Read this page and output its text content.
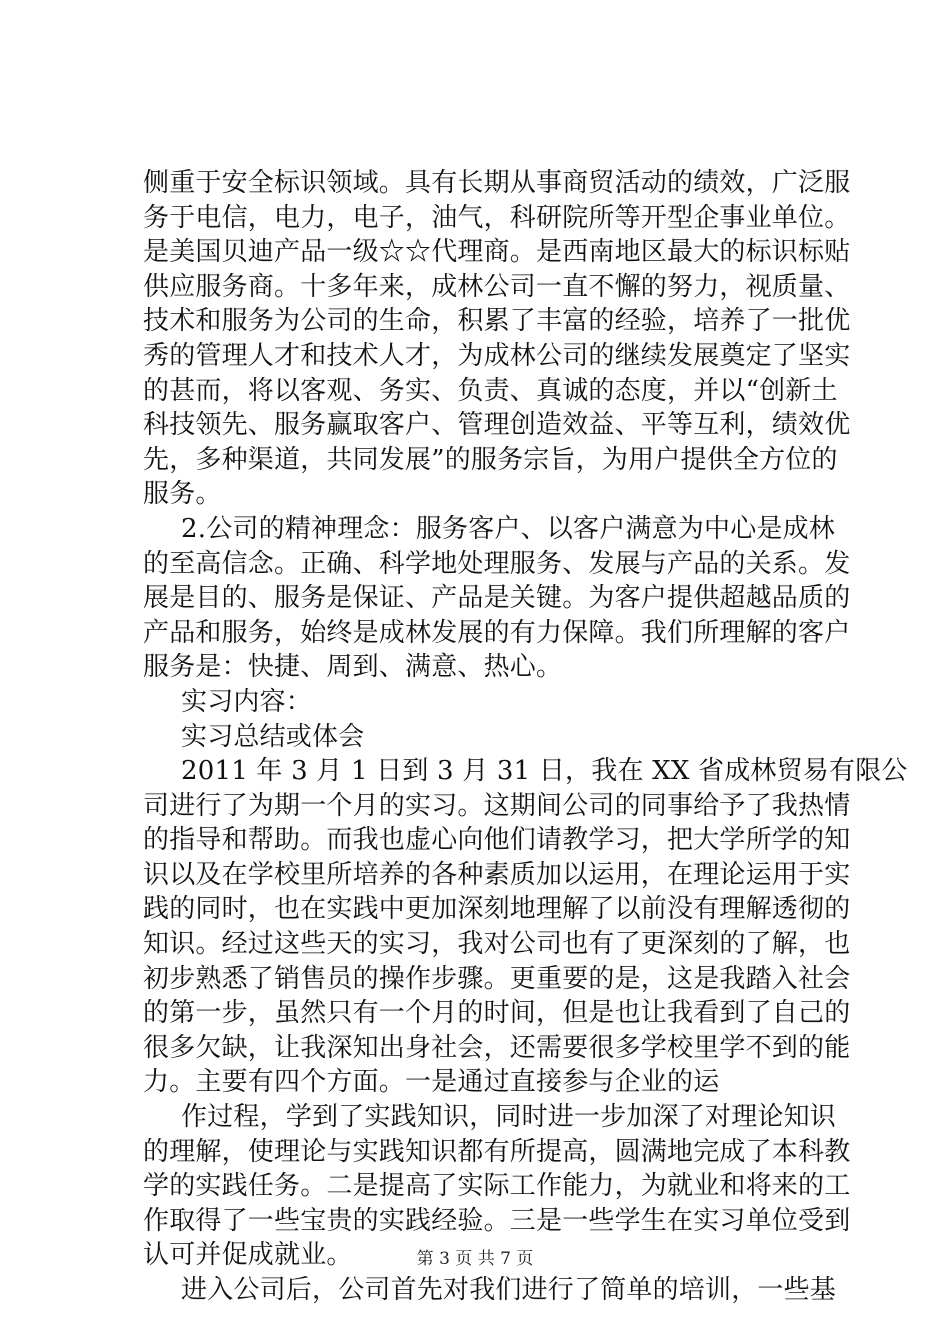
侧重于安全标识领域。具有长期从事商贸活动的绩效，广泛服
务于电信，电力，电子，油气，科研院所等开型企事业单位。
是美国贝迪产品一级☆☆代理商。是西南地区最大的标识标贴
供应服务商。十多年来，成林公司一直不懈的努力，视质量、
技术和服务为公司的生命，积累了丰富的经验，培养了一批优
秀的管理人才和技术人才，为成林公司的继续发展奠定了坚实
的甚而，将以客观、务实、负责、真诚的态度，并以“创新土
科技领先、服务赢取客户、管理创造效益、平等互利，绩效优
先，多种渠道，共同发展”的服务宗旨，为用户提供全方位的
服务。
2.公司的精神理念：服务客户、以客户满意为中心是成林
的至高信念。正确、科学地处理服务、发展与产品的关系。发
展是目的、服务是保证、产品是关键。为客户提供超越品质的
产品和服务，始终是成林发展的有力保障。我们所理解的客户
服务是：快捷、周到、满意、热心。
实习内容：
实习总结或体会
2011 年 3 月 1 日到 3 月 31 日，我在 XX 省成林贸易有限公
司进行了为期一个月的实习。这期间公司的同事给予了我热情
的指导和帮助。而我也虚心向他们请教学习，把大学所学的知
识以及在学校里所培养的各种素质加以运用，在理论运用于实
践的同时，也在实践中更加深刻地理解了以前没有理解透彻的
知识。经过这些天的实习，我对公司也有了更深刻的了解，也
初步熟悉了销售员的操作步骤。更重要的是，这是我踏入社会
的第一步，虽然只有一个月的时间，但是也让我看到了自己的
很多欠缺，让我深知出身社会，还需要很多学校里学不到的能
力。主要有四个方面。一是通过直接参与企业的运
作过程，学到了实践知识，同时进一步加深了对理论知识
的理解，使理论与实践知识都有所提高，圆满地完成了本科教
学的实践任务。二是提高了实际工作能力，为就业和将来的工
作取得了一些宝贵的实践经验。三是一些学生在实习单位受到
认可并促成就业。
进入公司后，公司首先对我们进行了简单的培训，一些基
第 3 页 共 7 页
